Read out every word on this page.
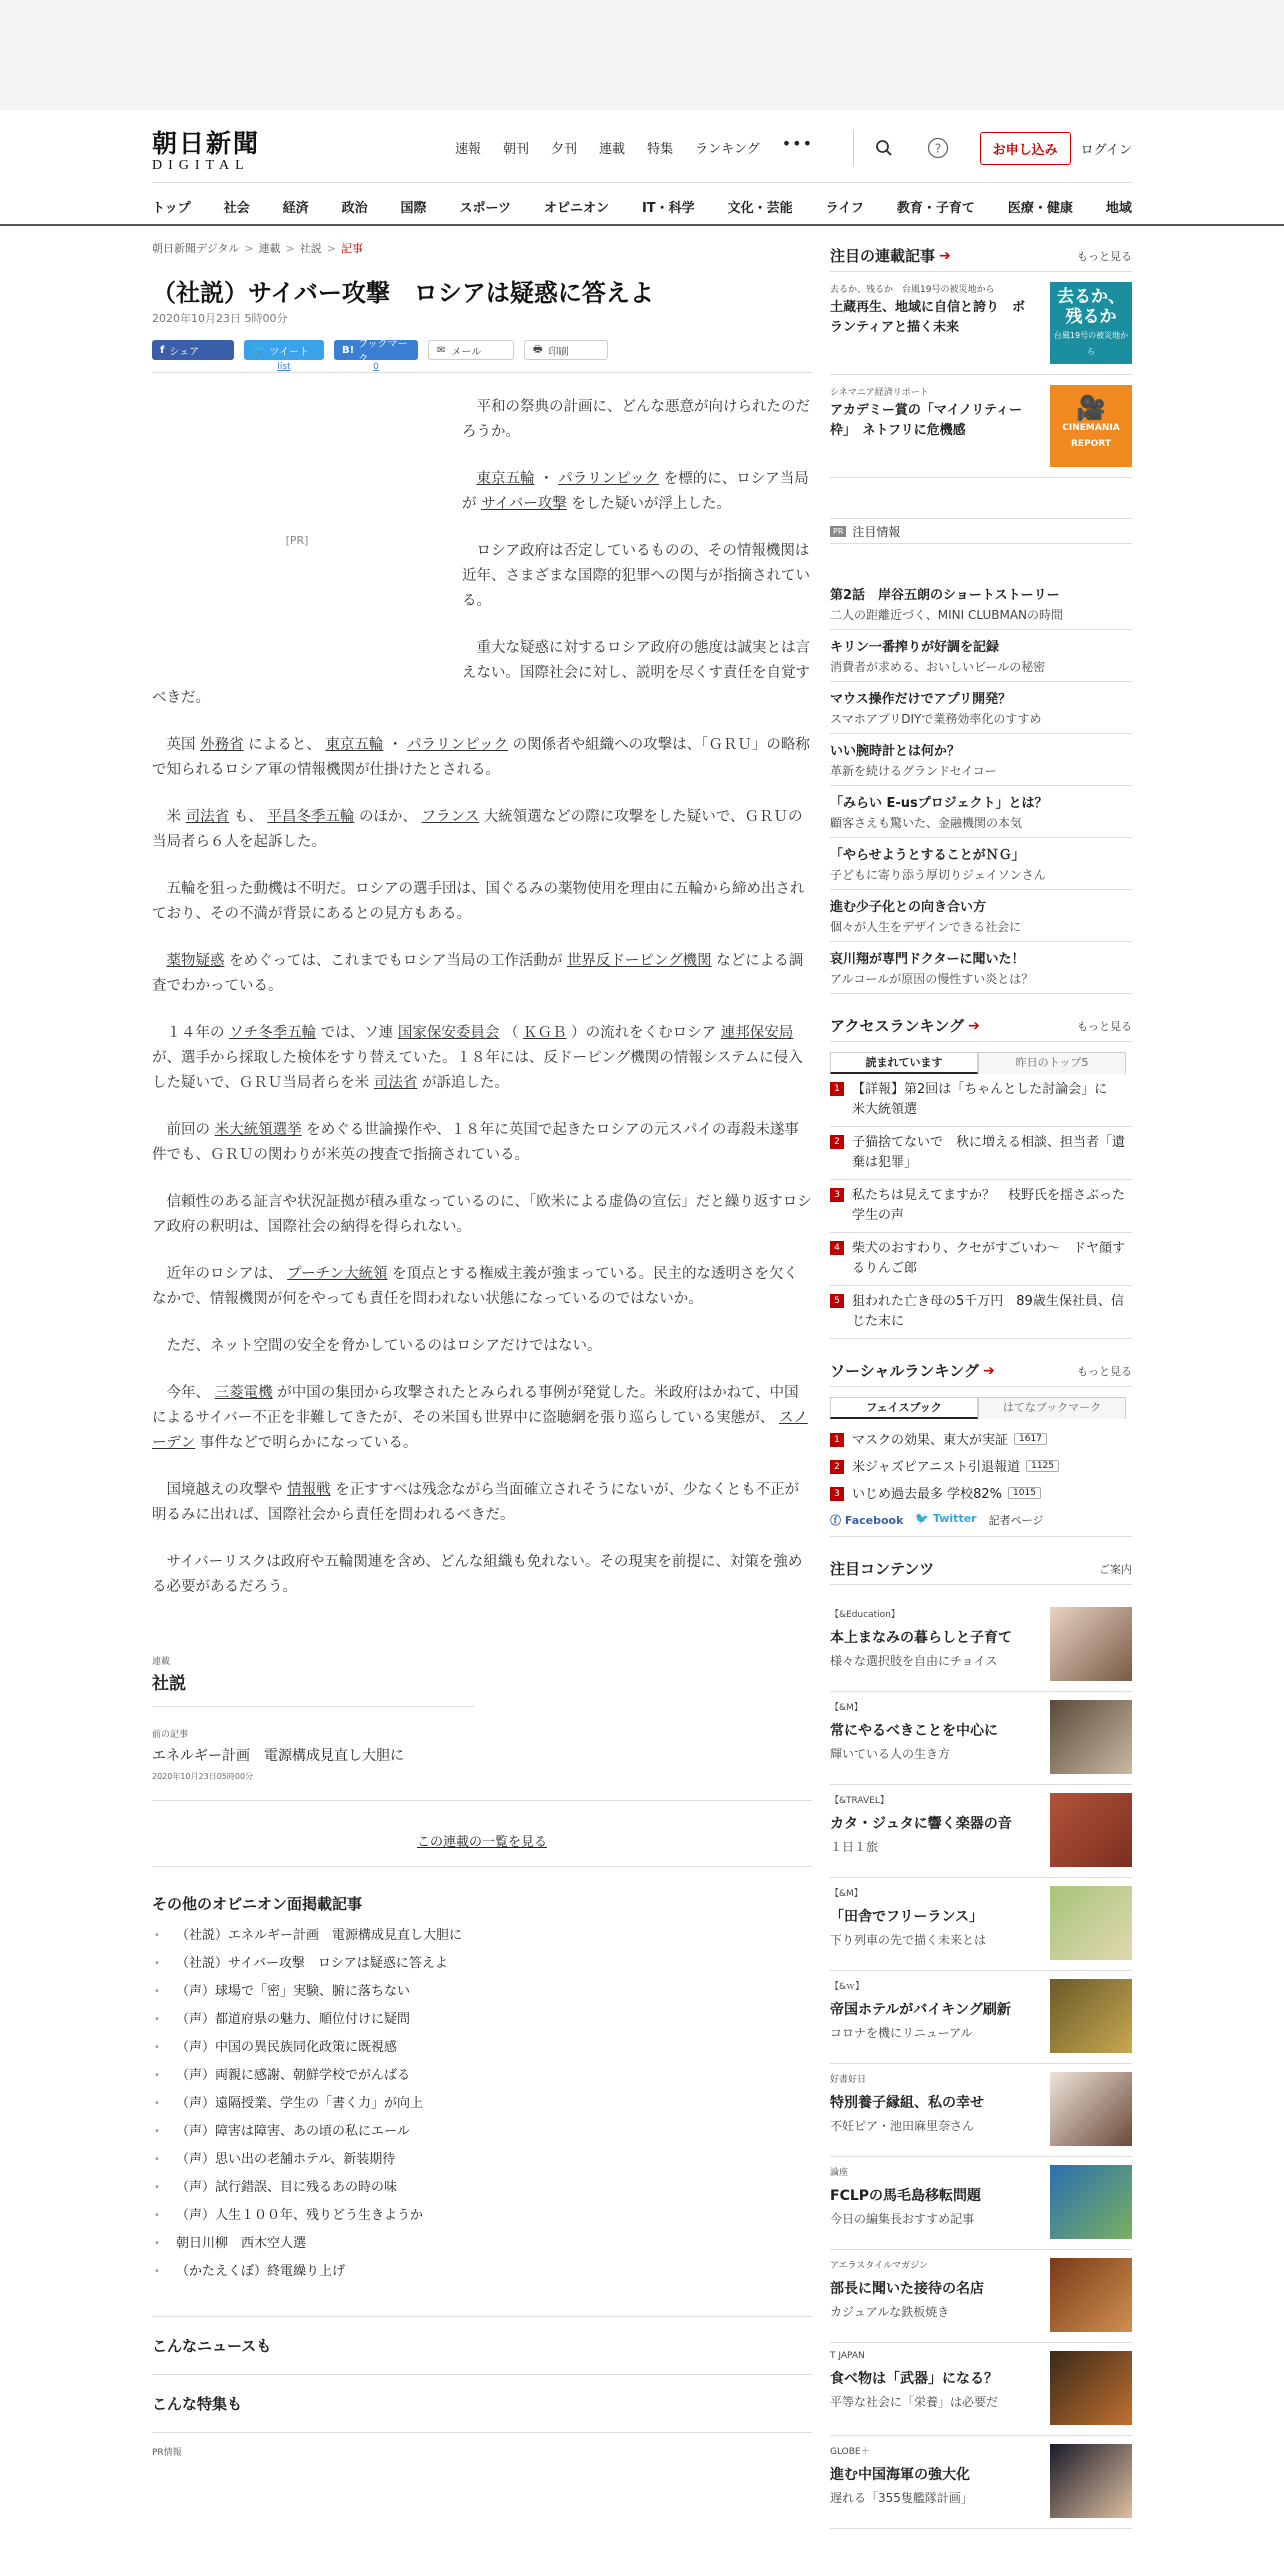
朝日新聞
DIGITAL
速報 朝刊 夕刊 連載 特集 ランキング •••	?	お申し込み	ログイン
トップ	社会	経済	政治	国際	スポーツ	オピニオン	IT・科学	文化・芸能	ライフ	教育・子育て	医療・健康	地域
朝日新聞デジタル > 連載 > 社説 > 記事
（社説）サイバー攻撃　ロシアは疑惑に答えよ
2020年10月23日 5時00分
f シェア	🐦 ツイート
list
B! ブックマーク
0
✉ メール	🖶 印刷
[PR]

平和の祭典の計画に、どんな悪意が向けられたのだろうか。

東京五輪 ・ パラリンピック を標的に、ロシア当局が サイバー攻撃 をした疑いが浮上した。

ロシア政府は否定しているものの、その情報機関は近年、さまざまな国際的犯罪への関与が指摘されている。

重大な疑惑に対するロシア政府の態度は誠実とは言えない。国際社会に対し、説明を尽くす責任を自覚すべきだ。

英国 外務省 によると、 東京五輪 ・ パラリンピック の関係者や組織への攻撃は、「ＧＲＵ」の略称で知られるロシア軍の情報機関が仕掛けたとされる。

米 司法省 も、 平昌冬季五輪 のほか、 フランス 大統領選などの際に攻撃をした疑いで、ＧＲＵの当局者ら６人を起訴した。

五輪を狙った動機は不明だ。ロシアの選手団は、国ぐるみの薬物使用を理由に五輪から締め出されており、その不満が背景にあるとの見方もある。

薬物疑惑 をめぐっては、これまでもロシア当局の工作活動が 世界反ドーピング機関 などによる調査でわかっている。

１４年の ソチ冬季五輪 では、ソ連 国家保安委員会 （ ＫＧＢ ）の流れをくむロシア 連邦保安局 が、選手から採取した検体をすり替えていた。１８年には、反ドーピング機関の情報システムに侵入した疑いで、ＧＲＵ当局者らを米 司法省 が訴追した。

前回の 米大統領選挙 をめぐる世論操作や、１８年に英国で起きたロシアの元スパイの毒殺未遂事件でも、ＧＲＵの関わりが米英の捜査で指摘されている。

信頼性のある証言や状況証拠が積み重なっているのに、「欧米による虚偽の宣伝」だと繰り返すロシア政府の釈明は、国際社会の納得を得られない。

近年のロシアは、 プーチン大統領 を頂点とする権威主義が強まっている。民主的な透明さを欠くなかで、情報機関が何をやっても責任を問われない状態になっているのではないか。

ただ、ネット空間の安全を脅かしているのはロシアだけではない。

今年、 三菱電機 が中国の集団から攻撃されたとみられる事例が発覚した。米政府はかねて、中国によるサイバー不正を非難してきたが、その米国も世界中に盗聴網を張り巡らしている実態が、 スノーデン 事件などで明らかになっている。

国境越えの攻撃や 情報戦 を正すすべは残念ながら当面確立されそうにないが、少なくとも不正が明るみに出れば、国際社会から責任を問われるべきだ。

サイバーリスクは政府や五輪関連を含め、どんな組織も免れない。その現実を前提に、対策を強める必要があるだろう。

連載
社説
前の記事
エネルギー計画　電源構成見直し大胆に
2020年10月23日05時00分
この連載の一覧を見る
その他のオピニオン面掲載記事
• （社説）エネルギー計画　電源構成見直し大胆に
• （社説）サイバー攻撃　ロシアは疑惑に答えよ
• （声）球場で「密」実験、腑に落ちない
• （声）都道府県の魅力、順位付けに疑問
• （声）中国の異民族同化政策に既視感
• （声）両親に感謝、朝鮮学校でがんばる
• （声）遠隔授業、学生の「書く力」が向上
• （声）障害は障害、あの頃の私にエール
• （声）思い出の老舗ホテル、新装期待
• （声）試行錯誤、目に残るあの時の味
• （声）人生１００年、残りどう生きようか
• 朝日川柳　西木空人選
• （かたえくぼ）終電繰り上げ
こんなニュースも
こんな特集も
PR情報
注目の連載記事 ➔	もっと見る
去るか、残るか　台風19号の被災地から
土蔵再生、地域に自信と誇り　ボランティアと描く未来
去るか、残るか
台風19号の被災地から
シネマニア経済リポート
アカデミー賞の「マイノリティー枠」　ネトフリに危機感
🎥
CINEMANIA REPORT
PR 注目情報
第2話　岸谷五朗のショートストーリー
二人の距離近づく、MINI CLUBMANの時間
キリン一番搾りが好調を記録
消費者が求める、おいしいビールの秘密
マウス操作だけでアプリ開発？
スマホアプリDIYで業務効率化のすすめ
いい腕時計とは何か？
革新を続けるグランドセイコー
「みらい E-usプロジェクト」とは？
顧客さえも驚いた、金融機関の本気
「やらせようとすることがＮＧ」
子どもに寄り添う厚切りジェイソンさん
進む少子化との向き合い方
個々が人生をデザインできる社会に
哀川翔が専門ドクターに聞いた！
アルコールが原因の慢性すい炎とは？
アクセスランキング ➔	もっと見る
読まれています	昨日のトップ5
1 【詳報】第2回は「ちゃんとした討論会」に　米大統領選
2 子猫捨てないで　秋に増える相談、担当者「遺棄は犯罪」
3 私たちは見えてますか？　枝野氏を揺さぶった学生の声
4 柴犬のおすわり、クセがすごいわ～　ドヤ顔するりんご郎
5 狙われた亡き母の5千万円　89歳生保社員、信じた末に
ソーシャルランキング ➔	もっと見る
フェイスブック	はてなブックマーク
1 マスクの効果、東大が実証	1617
2 米ジャズピアニスト引退報道	1125
3 いじめ過去最多 学校82%	1015
ⓕ Facebook 🐦 Twitter 記者ページ
注目コンテンツ	ご案内
【&Education】
本上まなみの暮らしと子育て
様々な選択肢を自由にチョイス
【&M】
常にやるべきことを中心に
輝いている人の生き方
【&TRAVEL】
カタ・ジュタに響く楽器の音
１日１旅
【&M】
「田舎でフリーランス」
下り列車の先で描く未来とは
【&ｗ】
帝国ホテルがバイキング刷新
コロナを機にリニューアル
好書好日
特別養子縁組、私の幸せ
不妊ピア・池田麻里奈さん
論座
FCLPの馬毛島移転問題
今日の編集長おすすめ記事
アエラスタイルマガジン
部長に聞いた接待の名店
カジュアルな鉄板焼き
T JAPAN
食べ物は「武器」になる？
平等な社会に「栄養」は必要だ
GLOBE＋
進む中国海軍の強大化
遅れる「355隻艦隊計画」
